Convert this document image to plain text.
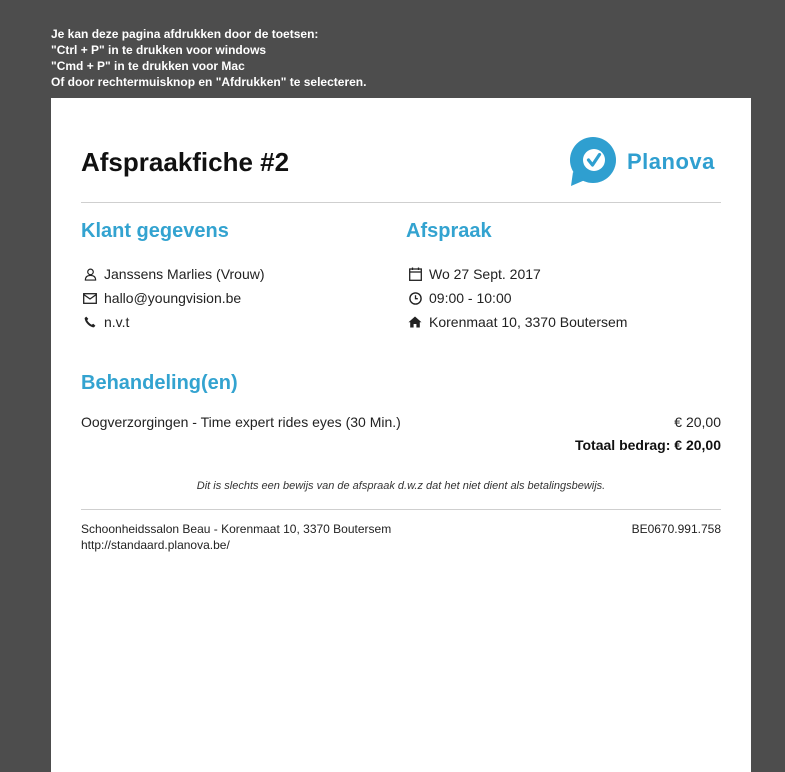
Je kan deze pagina afdrukken door de toetsen:
"Ctrl + P" in te drukken voor windows
"Cmd + P" in te drukken voor Mac
Of door rechtermuisknop en "Afdrukken" te selecteren.
Afspraakfiche #2	Planova
Klant gegevens	Afspraak
Janssens Marlies (Vrouw)
hallo@youngvision.be
n.v.t
Wo 27 Sept. 2017
09:00 - 10:00
Korenmaat 10, 3370 Boutersem
Behandeling(en)
Oogverzorgingen - Time expert rides eyes (30 Min.)	€ 20,00
Totaal bedrag: € 20,00
Dit is slechts een bewijs van de afspraak d.w.z dat het niet dient als betalingsbewijs.
Schoonheidssalon Beau - Korenmaat 10, 3370 Boutersem	BE0670.991.758
http://standaard.planova.be/
